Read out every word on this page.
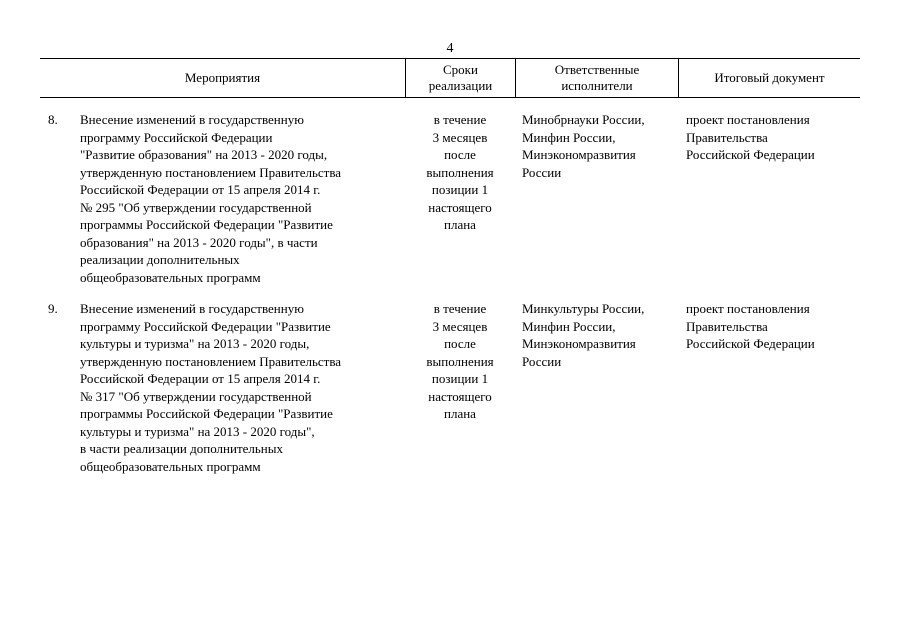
4
Мероприятия
Сроки
реализации
Ответственные
исполнители
Итоговый документ
8. Внесение изменений в государственную
программу Российской Федерации
"Развитие образования" на 2013 - 2020 годы,
утвержденную постановлением Правительства
Российской Федерации от 15 апреля 2014 г.
№ 295 "Об утверждении государственной
программы Российской Федерации "Развитие
образования" на 2013 - 2020 годы", в части
реализации дополнительных
общеобразовательных программ
в течение
3 месяцев
после
выполнения
позиции 1
настоящего
плана
Минобрнауки России,
Минфин России,
Минэкономразвития
России
проект постановления
Правительства
Российской Федерации
9. Внесение изменений в государственную
программу Российской Федерации "Развитие
культуры и туризма" на 2013 - 2020 годы,
утвержденную постановлением Правительства
Российской Федерации от 15 апреля 2014 г.
№ 317 "Об утверждении государственной
программы Российской Федерации "Развитие
культуры и туризма" на 2013 - 2020 годы",
в части реализации дополнительных
общеобразовательных программ
в течение
3 месяцев
после
выполнения
позиции 1
настоящего
плана
Минкультуры России,
Минфин России,
Минэкономразвития
России
проект постановления
Правительства
Российской Федерации
